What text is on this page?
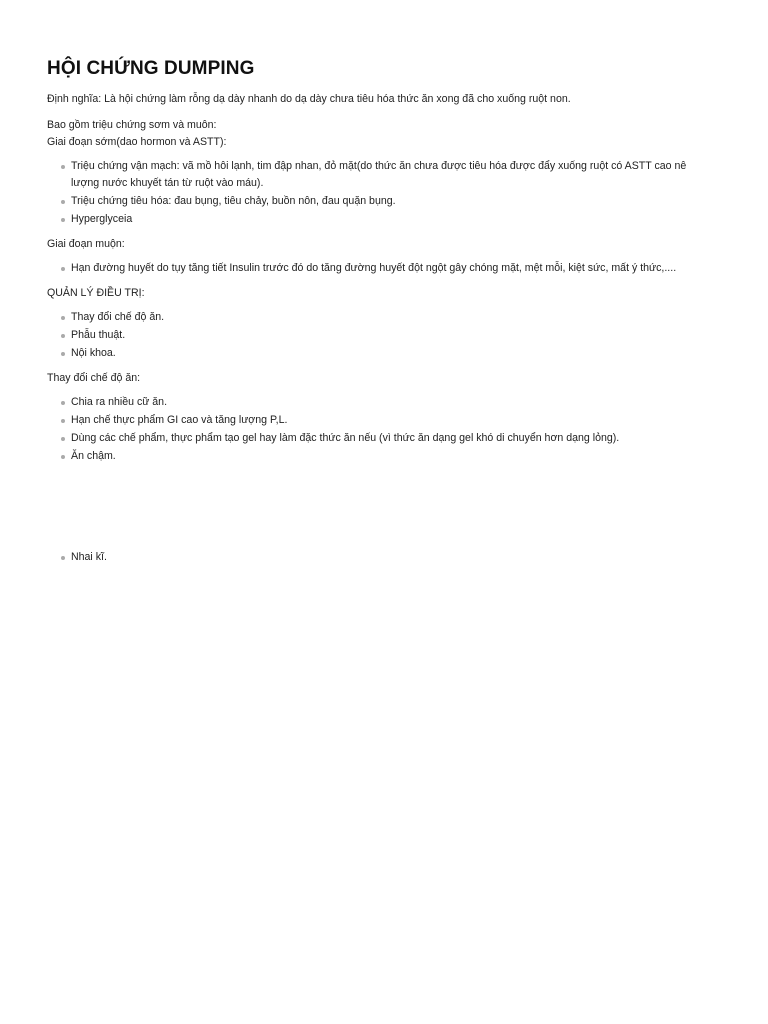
HỘI CHỨNG DUMPING

Định nghĩa: Là hội chứng làm rỗng dạ dày nhanh do dạ dày chưa tiêu hóa thức ăn xong đã cho xuống ruột non.

Bao gồm triệu chứng sơm và muôn:

Giai đoạn sớm(dao hormon và ASTT):

Triệu chứng vận mạch: vã mồ hôi lạnh, tim đập nhan, đỏ mặt(do thức ăn chưa được tiêu hóa được đẩy xuống ruột có ASTT cao nê lượng nước khuyết tán từ ruột vào máu).
Triệu chứng tiêu hóa: đau bụng, tiêu chảy, buồn nôn, đau quặn bụng.
Hyperglyceia

Giai đoạn muộn:

Hạn đường huyết do tụy tăng tiết Insulin trước đó do tăng đường huyết đột ngột gây chóng mặt, mệt mỗi, kiệt sức, mất ý thức,....

QUẢN LÝ ĐIỀU TRỊ:

Thay đổi chế độ ăn.
Phẫu thuật.
Nội khoa.

Thay đổi chế độ ăn:

Chia ra nhiều cữ ăn.
Hạn chế thực phẩm GI cao và tăng lượng P,L.
Dùng các chế phẩm, thực phẩm tạo gel hay làm đặc thức ăn nếu (vì thức ăn dạng gel khó di chuyển hơn dạng lỏng).
Ăn chậm.
Nhai kĩ.
